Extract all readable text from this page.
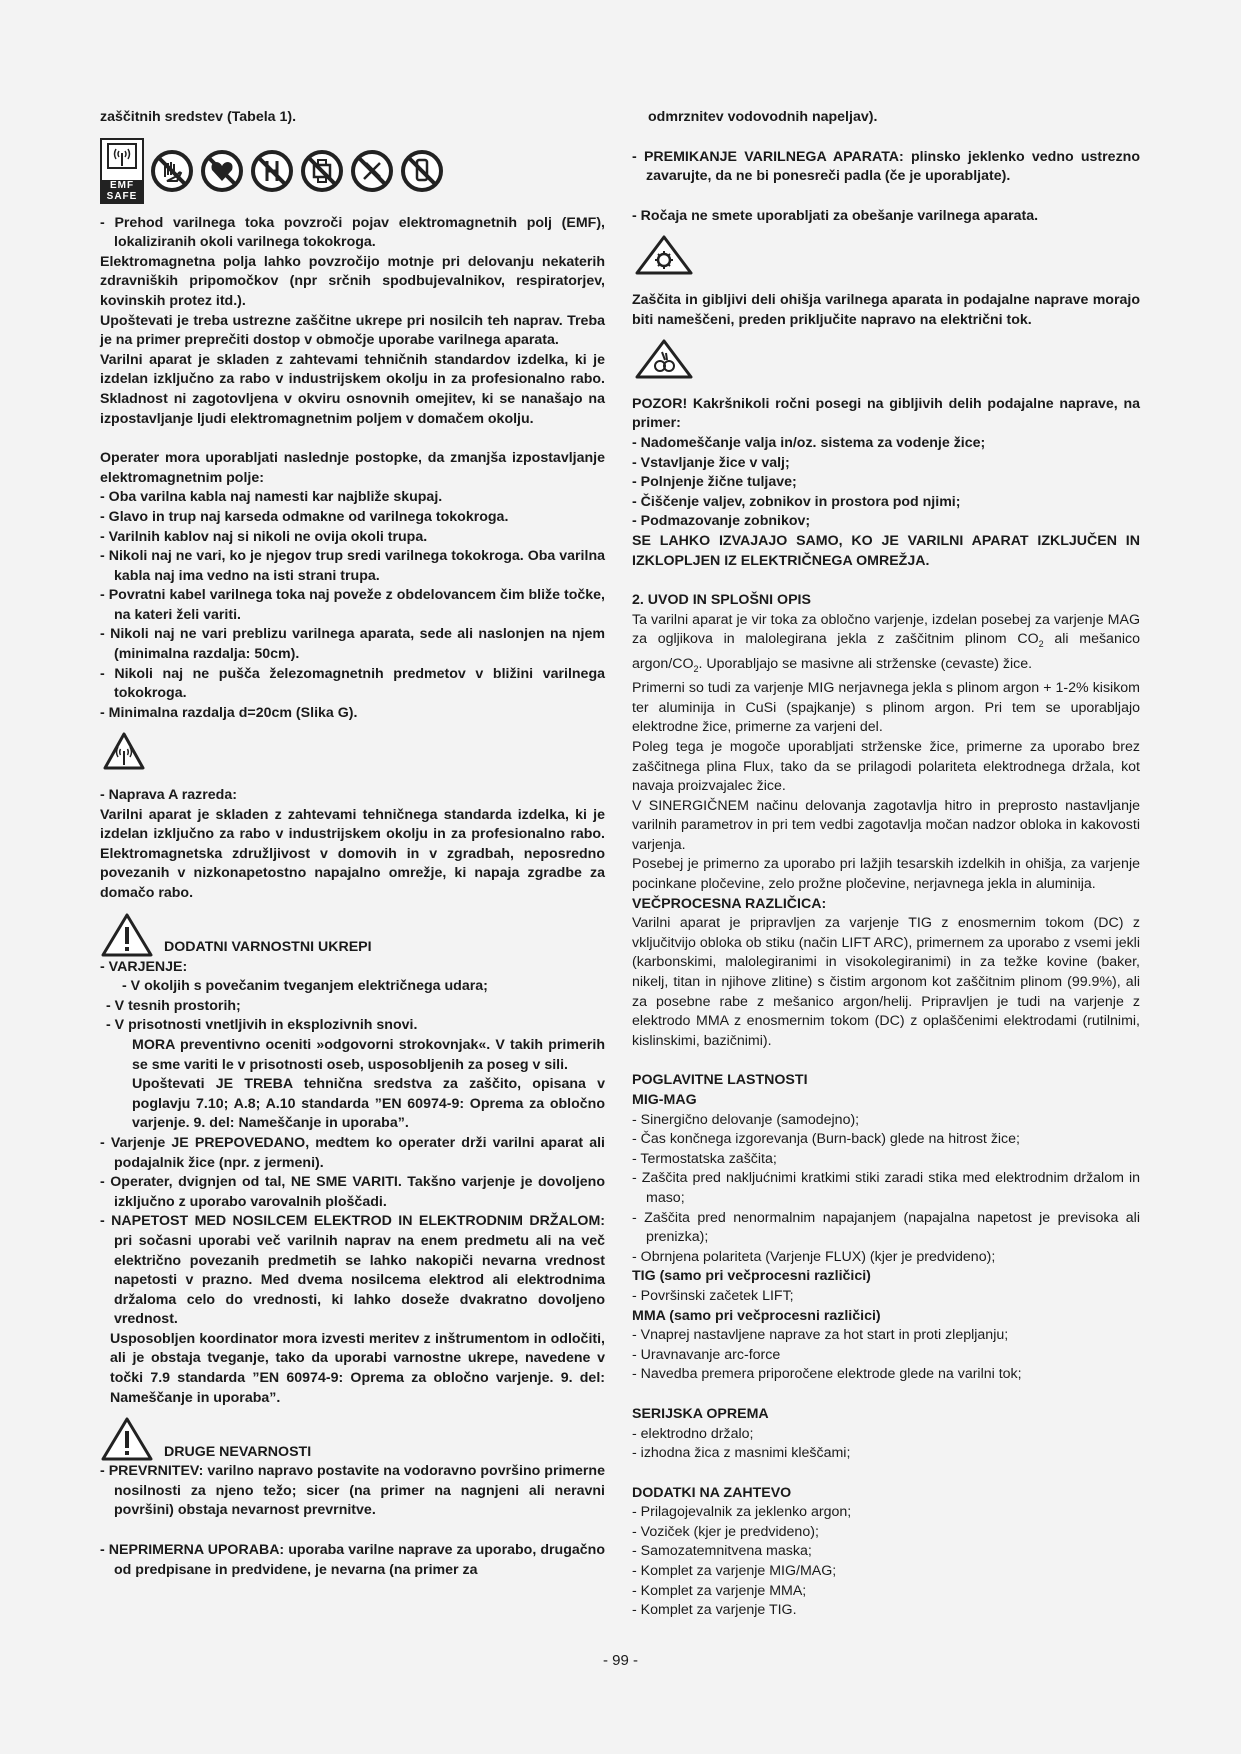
zaščitnih sredstev (Tabela 1).

EMF
SAFE

- Prehod varilnega toka povzroči pojav elektromagnetnih polj (EMF), lokaliziranih okoli varilnega tokokroga.

Elektromagnetna polja lahko povzročijo motnje pri delovanju nekaterih zdravniških pripomočkov (npr srčnih spodbujevalnikov, respiratorjev, kovinskih protez itd.).

Upoštevati je treba ustrezne zaščitne ukrepe pri nosilcih teh naprav. Treba je na primer preprečiti dostop v območje uporabe varilnega aparata.

Varilni aparat je skladen z zahtevami tehničnih standardov izdelka, ki je izdelan izključno za rabo v industrijskem okolju in za profesionalno rabo. Skladnost ni zagotovljena v okviru osnovnih omejitev, ki se nanašajo na izpostavljanje ljudi elektromagnetnim poljem v domačem okolju.

Operater mora uporabljati naslednje postopke, da zmanjša izpostavljanje elektromagnetnim polje:

- Oba varilna kabla naj namesti kar najbliže skupaj.

- Glavo in trup naj karseda odmakne od varilnega tokokroga.

- Varilnih kablov naj si nikoli ne ovija okoli trupa.

- Nikoli naj ne vari, ko je njegov trup sredi varilnega tokokroga. Oba varilna kabla naj ima vedno na isti strani trupa.

- Povratni kabel varilnega toka naj poveže z obdelovancem čim bliže točke, na kateri želi variti.

- Nikoli naj ne vari preblizu varilnega aparata, sede ali naslonjen na njem (minimalna razdalja: 50cm).

- Nikoli naj ne pušča železomagnetnih predmetov v bližini varilnega tokokroga.

- Minimalna razdalja d=20cm (Slika G).

- Naprava A razreda:

Varilni aparat je skladen z zahtevami tehničnega standarda izdelka, ki je izdelan izključno za rabo v industrijskem okolju in za profesionalno rabo. Elektromagnetska združljivost v domovih in v zgradbah, neposredno povezanih v nizkonapetostno napajalno omrežje, ki napaja zgradbe za domačo rabo.

DODATNI VARNOSTNI UKREPI

- VARJENJE:

- V okoljih s povečanim tveganjem električnega udara;

- V tesnih prostorih;

- V prisotnosti vnetljivih in eksplozivnih snovi.

MORA preventivno oceniti »odgovorni strokovnjak«. V takih primerih se sme variti le v prisotnosti oseb, usposobljenih za poseg v sili.

Upoštevati JE TREBA tehnična sredstva za zaščito, opisana v poglavju 7.10; A.8; A.10 standarda ”EN 60974-9: Oprema za obločno varjenje. 9. del: Nameščanje in uporaba”.

- Varjenje JE PREPOVEDANO, medtem ko operater drži varilni aparat ali podajalnik žice (npr. z jermeni).

- Operater, dvignjen od tal, NE SME VARITI. Takšno varjenje je dovoljeno izključno z uporabo varovalnih ploščadi.

- NAPETOST MED NOSILCEM ELEKTROD IN ELEKTRODNIM DRŽALOM: pri sočasni uporabi več varilnih naprav na enem predmetu ali na več električno povezanih predmetih se lahko nakopiči nevarna vrednost napetosti v prazno. Med dvema nosilcema elektrod ali elektrodnima držaloma celo do vrednosti, ki lahko doseže dvakratno dovoljeno vrednost.

Usposobljen koordinator mora izvesti meritev z inštrumentom in odločiti, ali je obstaja tveganje, tako da uporabi varnostne ukrepe, navedene v točki 7.9 standarda ”EN 60974-9: Oprema za obločno varjenje. 9. del: Nameščanje in uporaba”.

DRUGE NEVARNOSTI

- PREVRNITEV: varilno napravo postavite na vodoravno površino primerne nosilnosti za njeno težo; sicer (na primer na nagnjeni ali neravni površini) obstaja nevarnost prevrnitve.

- NEPRIMERNA UPORABA: uporaba varilne naprave za uporabo, drugačno od predpisane in predvidene, je nevarna (na primer za

odmrznitev vodovodnih napeljav).

- PREMIKANJE VARILNEGA APARATA: plinsko jeklenko vedno ustrezno zavarujte, da ne bi ponesreči padla (če je uporabljate).

- Ročaja ne smete uporabljati za obešanje varilnega aparata.

Zaščita in gibljivi deli ohišja varilnega aparata in podajalne naprave morajo biti nameščeni, preden priključite napravo na električni tok.

POZOR! Kakršnikoli ročni posegi na gibljivih delih podajalne naprave, na primer:

- Nadomeščanje valja in/oz. sistema za vodenje žice;

- Vstavljanje žice v valj;

- Polnjenje žične tuljave;

- Čiščenje valjev, zobnikov in prostora pod njimi;

- Podmazovanje zobnikov;

SE LAHKO IZVAJAJO SAMO, KO JE VARILNI APARAT IZKLJUČEN IN IZKLOPLJEN IZ ELEKTRIČNEGA OMREŽJA.

2. UVOD IN SPLOŠNI OPIS

Ta varilni aparat je vir toka za obločno varjenje, izdelan posebej za varjenje MAG za ogljikova in malolegirana jekla z zaščitnim plinom $CO_2$ ali mešanico argon/$CO_2$. Uporabljajo se masivne ali strženske (cevaste) žice.

Primerni so tudi za varjenje MIG nerjavnega jekla s plinom argon + 1-2% kisikom ter aluminija in CuSi (spajkanje) s plinom argon. Pri tem se uporabljajo elektrodne žice, primerne za varjeni del.

Poleg tega je mogoče uporabljati strženske žice, primerne za uporabo brez zaščitnega plina Flux, tako da se prilagodi polariteta elektrodnega držala, kot navaja proizvajalec žice.

V SINERGIČNEM načinu delovanja zagotavlja hitro in preprosto nastavljanje varilnih parametrov in pri tem vedbi zagotavlja močan nadzor obloka in kakovosti varjenja.

Posebej je primerno za uporabo pri lažjih tesarskih izdelkih in ohišja, za varjenje pocinkane pločevine, zelo prožne pločevine, nerjavnega jekla in aluminija.

VEČPROCESNA RAZLIČICA:

Varilni aparat je pripravljen za varjenje TIG z enosmernim tokom (DC) z vključitvijo obloka ob stiku (način LIFT ARC), primernem za uporabo z vsemi jekli (karbonskimi, malolegiranimi in visokolegiranimi) in za težke kovine (baker, nikelj, titan in njihove zlitine) s čistim argonom kot zaščitnim plinom (99.9%), ali za posebne rabe z mešanico argon/helij. Pripravljen je tudi na varjenje z elektrodo MMA z enosmernim tokom (DC) z oplaščenimi elektrodami (rutilnimi, kislinskimi, bazičnimi).

POGLAVITNE LASTNOSTI

MIG-MAG

- Sinergično delovanje (samodejno);

- Čas končnega izgorevanja (Burn-back) glede na hitrost žice;

- Termostatska zaščita;

- Zaščita pred nakljućnimi kratkimi stiki zaradi stika med elektrodnim držalom in maso;

- Zaščita pred nenormalnim napajanjem (napajalna napetost je previsoka ali prenizka);

- Obrnjena polariteta (Varjenje FLUX) (kjer je predvideno);

TIG (samo pri večprocesni različici)

- Površinski začetek LIFT;

MMA (samo pri večprocesni različici)

- Vnaprej nastavljene naprave za hot start in proti zlepljanju;

- Uravnavanje arc-force

- Navedba premera priporočene elektrode glede na varilni tok;

SERIJSKA OPREMA

- elektrodno držalo;

- izhodna žica z masnimi kleščami;

DODATKI NA ZAHTEVO

- Prilagojevalnik za jeklenko argon;

- Voziček (kjer je predvideno);

- Samozatemnitvena maska;

- Komplet za varjenje MIG/MAG;

- Komplet za varjenje MMA;

- Komplet za varjenje TIG.

- 99 -
